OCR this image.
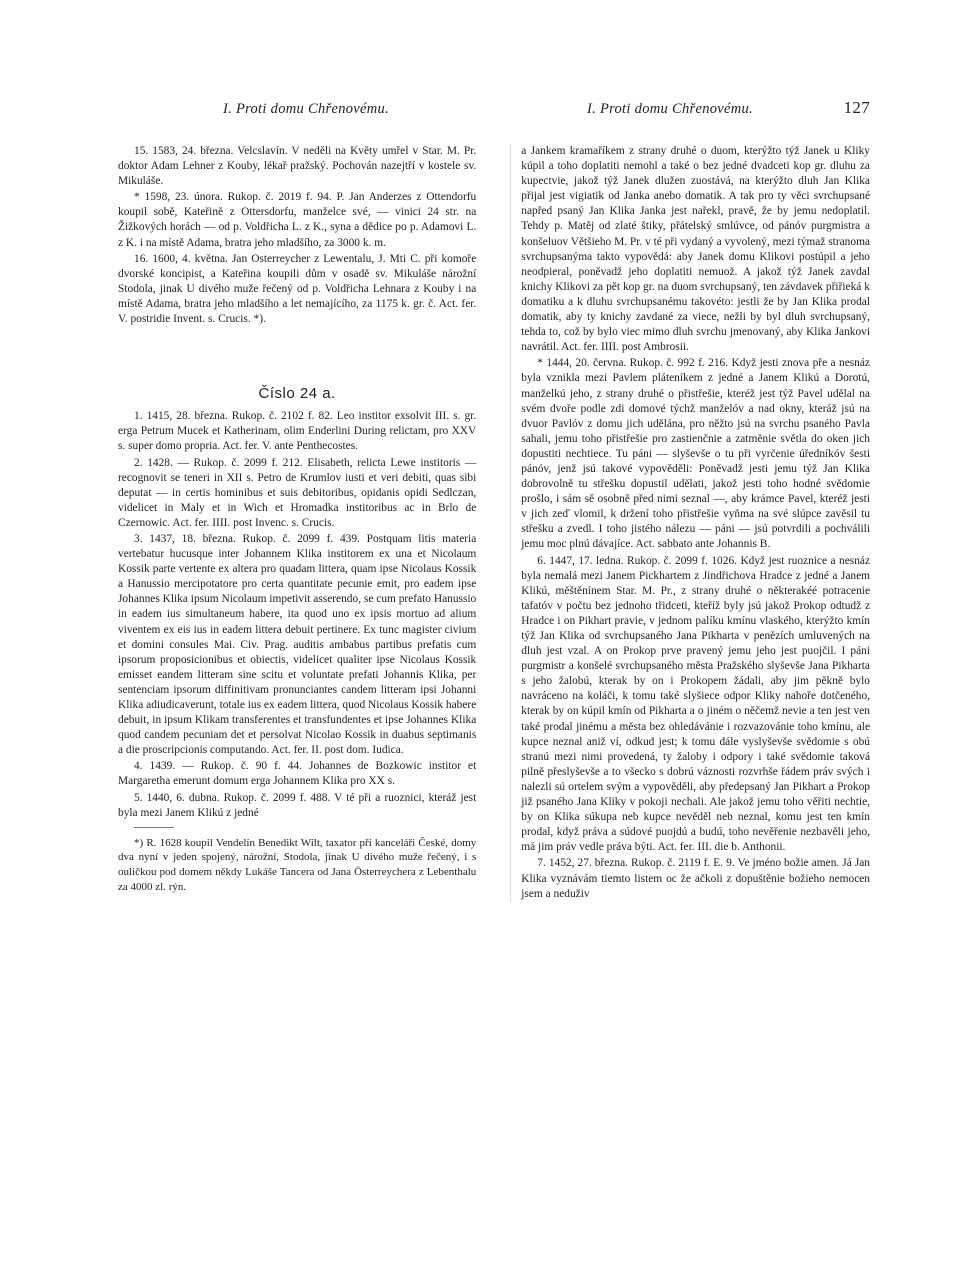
I. Proti domu Chřenovému.	I. Proti domu Chřenovému.	127

15. 1583, 24. března. Velcslavín. V neděli na Květy umřel v Star. M. Pr. doktor Adam Lehner z Kouby, lékař pražský. Pochován nazejtří v kostele sv. Mikuláše.

* 1598, 23. února. Rukop. č. 2019 f. 94. P. Jan Anderzes z Ottendorfu koupil sobě, Kateřině z Ottersdorfu, manželce své, — vinici 24 str. na Žižkových horách — od p. Voldřicha L. z K., syna a dědice po p. Adamovi L. z K. i na místě Adama, bratra jeho mladšího, za 3000 k. m.

16. 1600, 4. května. Jan Osterreycher z Lewentalu, J. Mti C. při komoře dvorské koncipist, a Kateřina koupili dům v osadě sv. Mikuláše nárožní Stodola, jinak U divého muže řečený od p. Voldřicha Lehnara z Kouby i na místě Adama, bratra jeho mladšího a let nemajícího, za 1175 k. gr. č. Act. fer. V. postridie Invent. s. Crucis. *).

Číslo 24 a.

1. 1415, 28. března. Rukop. č. 2102 f. 82. Leo institor exsolvit III. s. gr. erga Petrum Mucek et Katherinam, olim Enderlini During relictam, pro XXV s. super domo propria. Act. fer. V. ante Penthecostes.

2. 1428. — Rukop. č. 2099 f. 212. Elisabeth, relicta Lewe institoris — recognovit se teneri in XII s. Petro de Krumlov iusti et veri debiti, quas sibi deputat — in certis hominibus et suis debitoribus, opidanis opidi Sedlczan, videlicet in Maly et in Wich et Hromadka institoribus ac in Brlo de Czernowic. Act. fer. IIII. post Invenc. s. Crucis.

3. 1437, 18. března. Rukop. č. 2099 f. 439. Postquam litis materia vertebatur hucusque inter Johannem Klika institorem ex una et Nicolaum Kossik parte vertente ex altera pro quadam littera, quam ipse Nicolaus Kossik a Hanussio mercipotatore pro certa quantitate pecunie emit, pro eadem ipse Johannes Klika ipsum Nicolaum impetivit asserendo, se cum prefato Hanussio in eadem ius simultaneum habere, ita quod uno ex ipsis mortuo ad alium viventem ex eis ius in eadem littera debuit pertinere. Ex tunc magister civium et domini consules Mai. Civ. Prag. auditis ambabus partibus prefatis cum ipsorum proposicionibus et obiectis, videlicet qualiter ipse Nicolaus Kossik emisset eandem litteram sine scitu et voluntate prefati Johannis Klika, per sentenciam ipsorum diffinitivam pronunciantes candem litteram ipsi Johanni Klika adiudicaverunt, totale ius ex eadem littera, quod Nicolaus Kossik habere debuit, in ipsum Klikam transferentes et transfundentes et ipse Johannes Klika quod candem pecuniam det et persolvat Nicolao Kossik in duabus septimanis a die proscripcionis computando. Act. fer. II. post dom. Iudica.

4. 1439. — Rukop. č. 90 f. 44. Johannes de Bozkowic institor et Margaretha emerunt domum erga Johannem Klika pro XX s.

5. 1440, 6. dubna. Rukop. č. 2099 f. 488. V té při a ruoznici, kteráž jest byla mezi Janem Klikú z jedné

*) R. 1628 koupil Vendelín Benedikt Wilt, taxator při kanceláři České, domy dva nyní v jeden spojený, nárožní, Stodola, jinak U divého muže řečený, i s ouličkou pod domem někdy Lukáše Tancera od Jana Österreychera z Lebenthalu za 4000 zl. rýn.

a Jankem kramaříkem z strany druhé o duom, kterýžto týž Janek u Kliky kúpil a toho doplatiti nemohl a také o bez jedné dvadceti kop gr. dluhu za kupectvie, jakož týž Janek dlužen zuostává, na kterýžto dluh Jan Klika přijal jest vigiatik od Janka anebo domatik. A tak pro ty věci svrchupsané napřed psaný Jan Klika Janka jest nařekl, pravě, že by jemu nedoplatil. Tehdy p. Matěj od zlaté štiky, přátelský smlúvce, od pánóv purgmistra a konšeluov Většieho M. Pr. v té při vydaný a vyvolený, mezi týmaž stranoma svrchupsanýma takto vypovědá: aby Janek domu Klikovi postúpil a jeho neodpieral, poněvadž jeho doplatiti nemuož. A jakož týž Janek zavdal knichy Klikovi za pět kop gr. na duom svrchupsaný, ten závdavek přiřieká k domatiku a k dluhu svrchupsanému takovéto: jestli že by Jan Klika prodal domatik, aby ty knichy zavdané za viece, nežli by byl dluh svrchupsaný, tehda to, což by bylo viec mimo dluh svrchu jmenovaný, aby Klika Jankovi navrátil. Act. fer. IIII. post Ambrosii.

* 1444, 20. června. Rukop. č. 992 f. 216. Když jesti znova pře a nesnáz byla vznikla mezi Pavlem pláteníkem z jedné a Janem Klikú a Dorotú, manželkú jeho, z strany druhé o přistřešie, kteréž jest týž Pavel udělal na svém dvoře podle zdi domové týchž manželóv a nad okny, kteráž jsú na dvuor Pavlóv z domu jich udělána, pro něžto jsú na svrchu psaného Pavla sahali, jemu toho přistřešie pro zastienčnie a zatměnie světla do oken jich dopustiti nechtiece. Tu páni — slyševše o tu při vyrčenie úředníkóv šesti pánóv, jenž jsú takové vypověděli: Poněvadž jesti jemu týž Jan Klika dobrovolně tu střešku dopustil udělati, jakož jesti toho hodné svědomie prošlo, i sám sě osobně před nimi seznal —, aby krámce Pavel, kteréž jesti v jich zeď vlomil, k držení toho přistřešie vyňma na své slúpce zavěsil tu střešku a zvedl. I toho jistého nálezu — páni — jsú potvrdili a pochválili jemu moc plnú dávajíce. Act. sabbato ante Johannis B.

6. 1447, 17. ledna. Rukop. č. 2099 f. 1026. Když jest ruoznice a nesnáz byla nemalá mezi Janem Pickhartem z Jindřichova Hradce z jedné a Janem Klikú, měštěnínem Star. M. Pr., z strany druhé o některakéé potracenie tafatóv v počtu bez jednoho třidceti, kteříž byly jsú jakož Prokop odtudž z Hradce i on Pikhart pravie, v jednom palíku kmínu vlaského, kterýžto kmín týž Jan Klika od svrchupsaného Jana Pikharta v penězích umluvených na dluh jest vzal. A on Prokop prve pravený jemu jeho jest puojčil. I páni purgmistr a konšelé svrchupsaného města Pražského slyševše Jana Pikharta s jeho žalobú, kterak by on i Prokopem žádali, aby jim pěkně bylo navráceno na koláči, k tomu také slyšiece odpor Kliky nahoře dotčeného, kterak by on kúpil kmín od Pikharta a o jiném o něčemž nevie a ten jest ven také prodal jinému a města bez ohledávánie i rozvazovánie toho kmínu, ale kupce neznal aniž ví, odkud jest; k tomu dále vyslyševše svědomie s obú stranú mezi nimi provedená, ty žaloby i odpory i také svědomie taková pilně přeslyševše a to všecko s dobrú váznosti rozvrhše řádem práv svých i nalezli sú ortelem svým a vypověděli, aby předepsaný Jan Pikhart a Prokop již psaného Jana Kliky v pokoji nechali. Ale jakož jemu toho věřiti nechtie, by on Klika súkupa neb kupce nevěděl neb neznal, komu jest ten kmín prodal, když práva a súdové puojdú a budú, toho nevěřenie nezbavěli jeho, má jim práv vedle práva býti. Act. fer. III. die b. Anthonii.

7. 1452, 27. března. Rukop. č. 2119 f. E. 9. Ve jméno božie amen. Já Jan Klika vyznávám tiemto listem oc že ačkoli z dopuštěnie božieho nemocen jsem a neduživ
